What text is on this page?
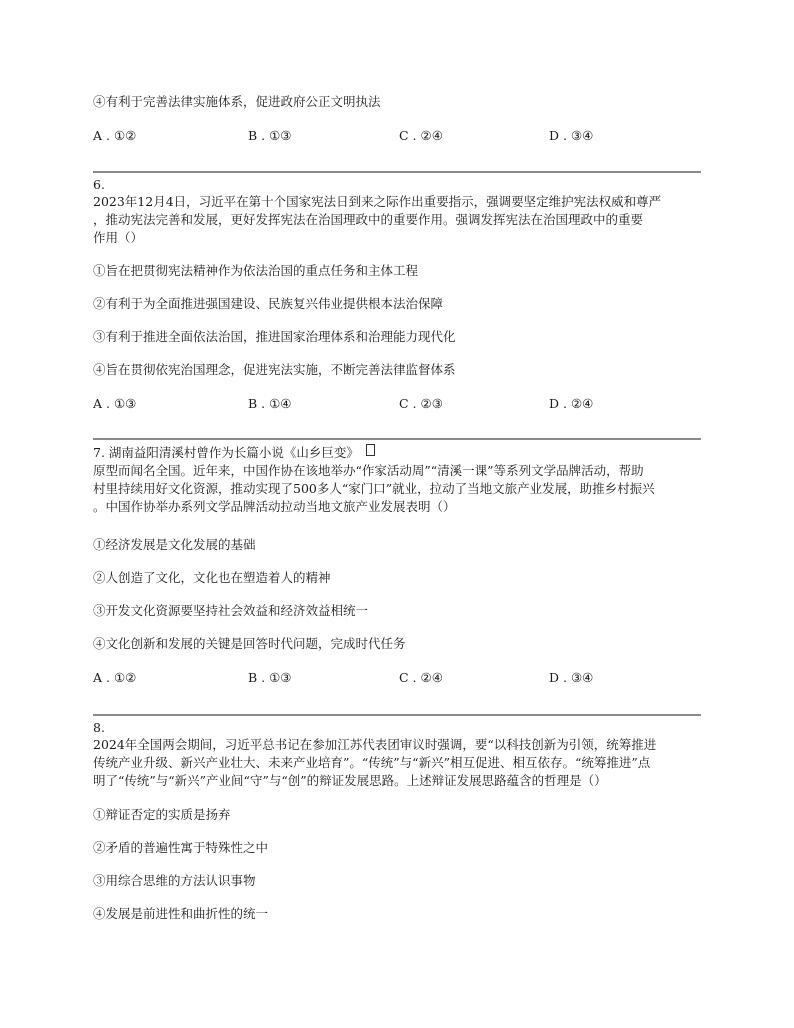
④有利于完善法律实施体系，促进政府公正文明执法
A . ①②	B . ①③	C . ②④	D . ③④
6.
2023年12月4日，习近平在第十个国家宪法日到来之际作出重要指示，强调要坚定维护宪法权威和尊严
，推动宪法完善和发展，更好发挥宪法在治国理政中的重要作用。强调发挥宪法在治国理政中的重要
作用（）
①旨在把贯彻宪法精神作为依法治国的重点任务和主体工程
②有利于为全面推进强国建设、民族复兴伟业提供根本法治保障
③有利于推进全面依法治国，推进国家治理体系和治理能力现代化
④旨在贯彻依宪治国理念，促进宪法实施，不断完善法律监督体系
A . ①③	B . ①④	C . ②③	D . ②④
7. 湖南益阳清溪村曾作为长篇小说《山乡巨变》
原型而闻名全国。近年来，中国作协在该地举办“作家活动周”“清溪一课”等系列文学品牌活动，帮助
村里持续用好文化资源，推动实现了500多人“家门口”就业，拉动了当地文旅产业发展，助推乡村振兴
。中国作协举办系列文学品牌活动拉动当地文旅产业发展表明（）
①经济发展是文化发展的基础
②人创造了文化，文化也在塑造着人的精神
③开发文化资源要坚持社会效益和经济效益相统一
④文化创新和发展的关键是回答时代问题，完成时代任务
A . ①②	B . ①③	C . ②④	D . ③④
8.
2024年全国两会期间，习近平总书记在参加江苏代表团审议时强调，要“以科技创新为引领，统筹推进
传统产业升级、新兴产业壮大、未来产业培育”。“传统”与“新兴”相互促进、相互依存。“统筹推进”点
明了“传统”与“新兴”产业间“守”与“创”的辩证发展思路。上述辩证发展思路蕴含的哲理是（）
①辩证否定的实质是扬弃
②矛盾的普遍性寓于特殊性之中
③用综合思维的方法认识事物
④发展是前进性和曲折性的统一
